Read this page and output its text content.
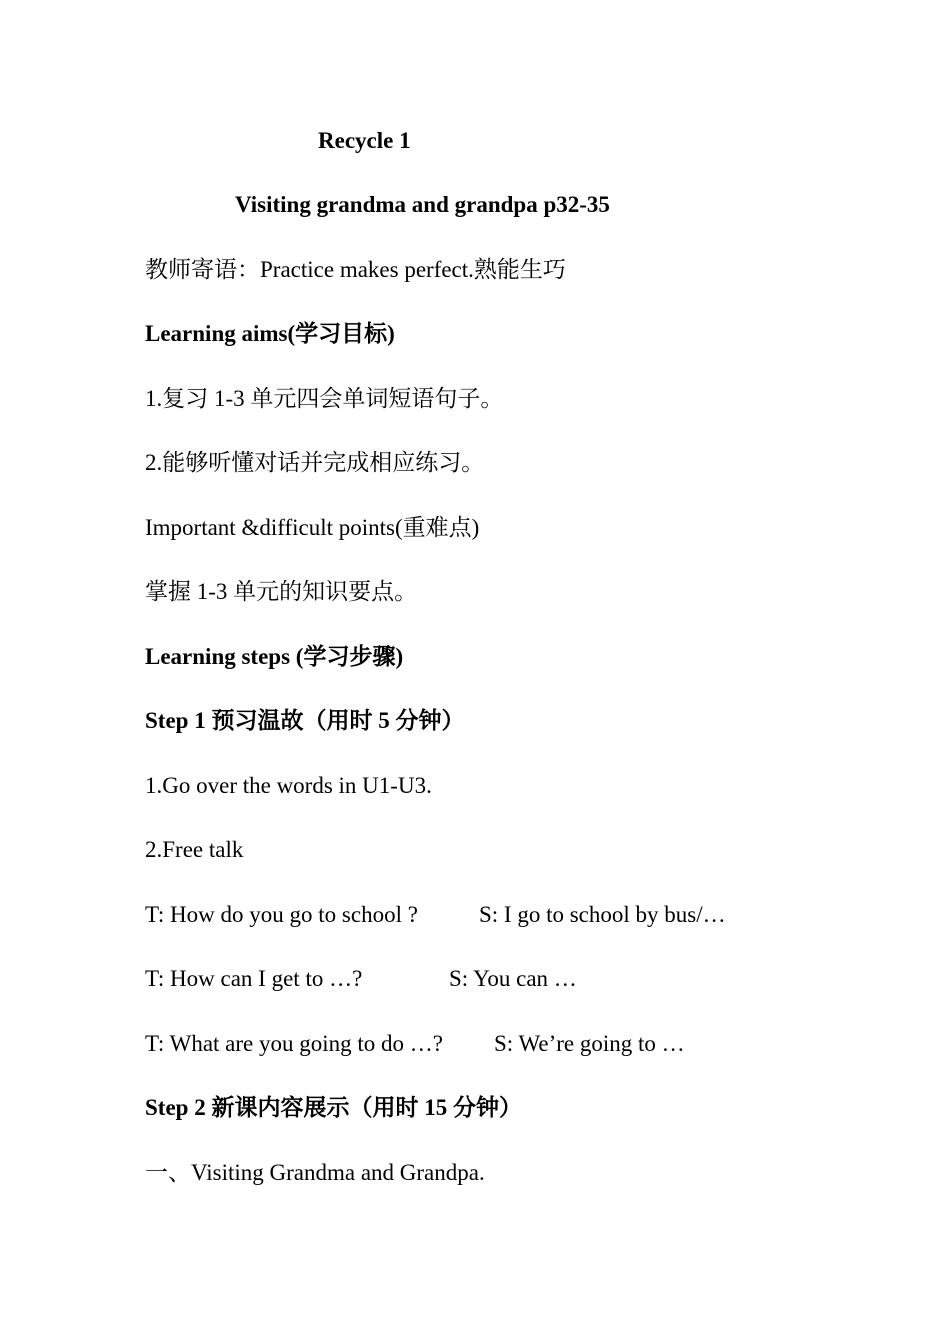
Recycle 1
Visiting grandma and grandpa p32-35
教师寄语：Practice makes perfect.熟能生巧
Learning aims(学习目标)
1.复习 1-3 单元四会单词短语句子。
2.能够听懂对话并完成相应练习。
Important &difficult points(重难点)
掌握 1-3 单元的知识要点。
Learning steps (学习步骤)
Step 1 预习温故（用时 5 分钟）
1.Go over the words in U1-U3.
2.Free talk
T: How do you go to school ?	S: I go to school by bus/…
T: How can I get to …?	S: You can …
T: What are you going to do …? S: We’re going to …
Step 2 新课内容展示（用时 15 分钟）
一、Visiting Grandma and Grandpa.
